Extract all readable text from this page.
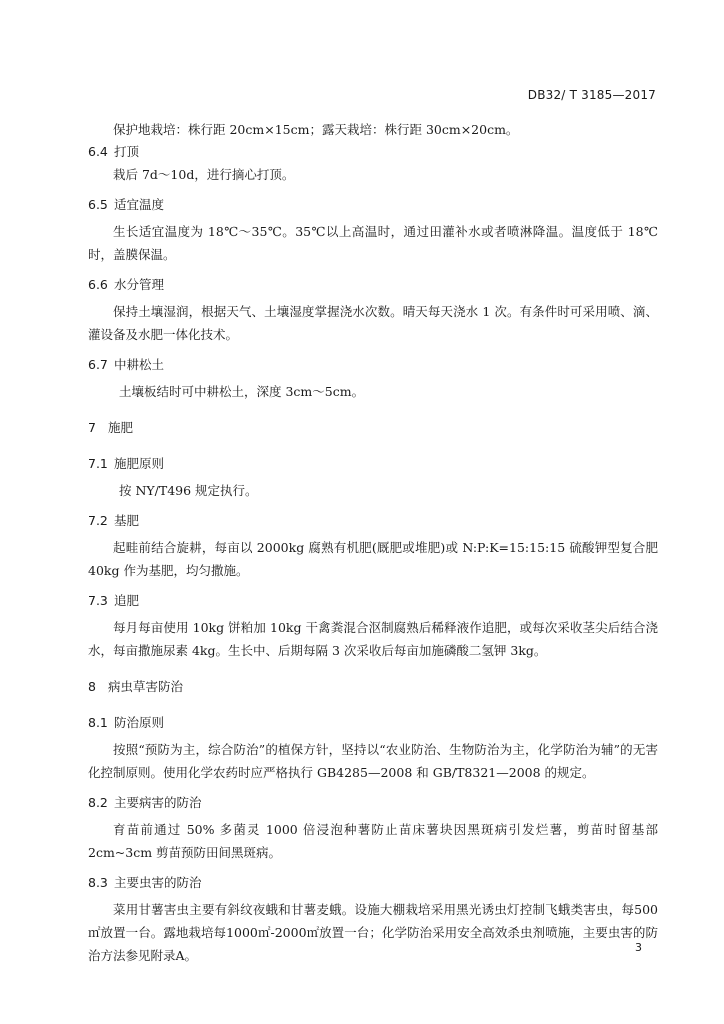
DB32/ T 3185—2017

保护地栽培：株行距 20cm×15cm；露天栽培：株行距 30cm×20cm。

6.4 打顶

栽后 7d～10d，进行摘心打顶。

6.5 适宜温度

生长适宜温度为 18℃～35℃。35℃以上高温时，通过田灌补水或者喷淋降温。温度低于 18℃时，盖膜保温。

6.6 水分管理

保持土壤湿润，根据天气、土壤湿度掌握浇水次数。晴天每天浇水 1 次。有条件时可采用喷、滴、灌设备及水肥一体化技术。

6.7 中耕松土

土壤板结时可中耕松土，深度 3cm～5cm。

7 施肥
7.1 施肥原则

按 NY/T496 规定执行。

7.2 基肥

起畦前结合旋耕，每亩以 2000kg 腐熟有机肥(厩肥或堆肥)或 N:P:K=15:15:15 硫酸钾型复合肥 40kg 作为基肥，均匀撒施。

7.3 追肥

每月每亩使用 10kg 饼粕加 10kg 干禽粪混合沤制腐熟后稀释液作追肥，或每次采收茎尖后结合浇水，每亩撒施尿素 4kg。生长中、后期每隔 3 次采收后每亩加施磷酸二氢钾 3kg。

8 病虫草害防治
8.1 防治原则

按照“预防为主，综合防治”的植保方针，坚持以“农业防治、生物防治为主，化学防治为辅”的无害化控制原则。使用化学农药时应严格执行 GB4285—2008 和 GB/T8321—2008 的规定。

8.2 主要病害的防治

育苗前通过 50% 多菌灵 1000 倍浸泡种薯防止苗床薯块因黑斑病引发烂薯，剪苗时留基部 2cm~3cm 剪苗预防田间黑斑病。

8.3 主要虫害的防治

菜用甘薯害虫主要有斜纹夜蛾和甘薯麦蛾。设施大棚栽培采用黑光诱虫灯控制飞蛾类害虫，每500㎡放置一台。露地栽培每1000㎡-2000㎡放置一台；化学防治采用安全高效杀虫剂喷施，主要虫害的防治方法参见附录A。

3
